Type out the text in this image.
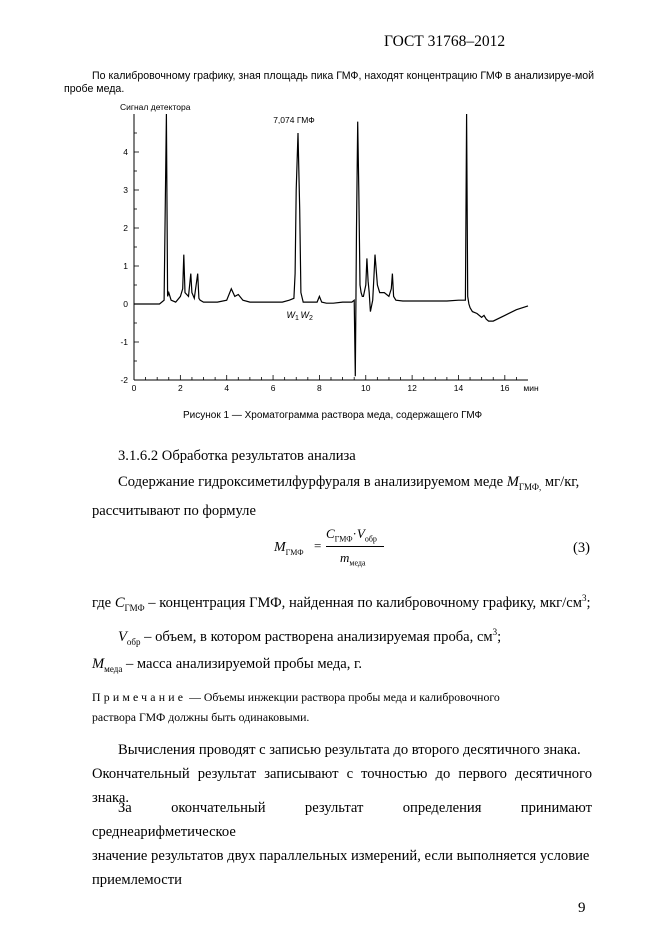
ГОСТ 31768–2012
По калибровочному графику, зная площадь пика ГМФ, находят концентрацию ГМФ в анализируе-мой пробе меда.
-2
-1
0
1
2
3
4
0	2	4	6	8	10	12	14	16 мин
Сигнал детектора
7,074 ГМФ
$W_1$ $W_2$
Рисунок 1 — Хроматограмма раствора меда, содержащего ГМФ
3.1.6.2 Обработка результатов анализа
Содержание гидроксиметилфурфураля в анализируемом меде $М_{ГМФ,}$ мг/кг,
рассчитывают по формуле
$М_{ГМФ}$ =
$С_{ГМФ}\cdot V_{обр}$
$m_{меда}$
(3)
где $С_{ГМФ}$ – концентрация ГМФ, найденная по калибровочному графику, мкг/$см^3$;
$V_{обр}$ – объем, в котором растворена анализируемая проба, $см^3$;
$М_{меда}$ – масса анализируемой пробы меда, г.
Примечание — Объемы инжекции раствора пробы меда и калибровочного
раствора ГМФ должны быть одинаковыми.
Вычисления проводят с записью результата до второго десятичного знака.
Окончательный результат записывают с точностью до первого десятичного знака.
За окончательный результат определения принимают среднеарифметическое
значение результатов двух параллельных измерений, если выполняется условие
приемлемости
9
